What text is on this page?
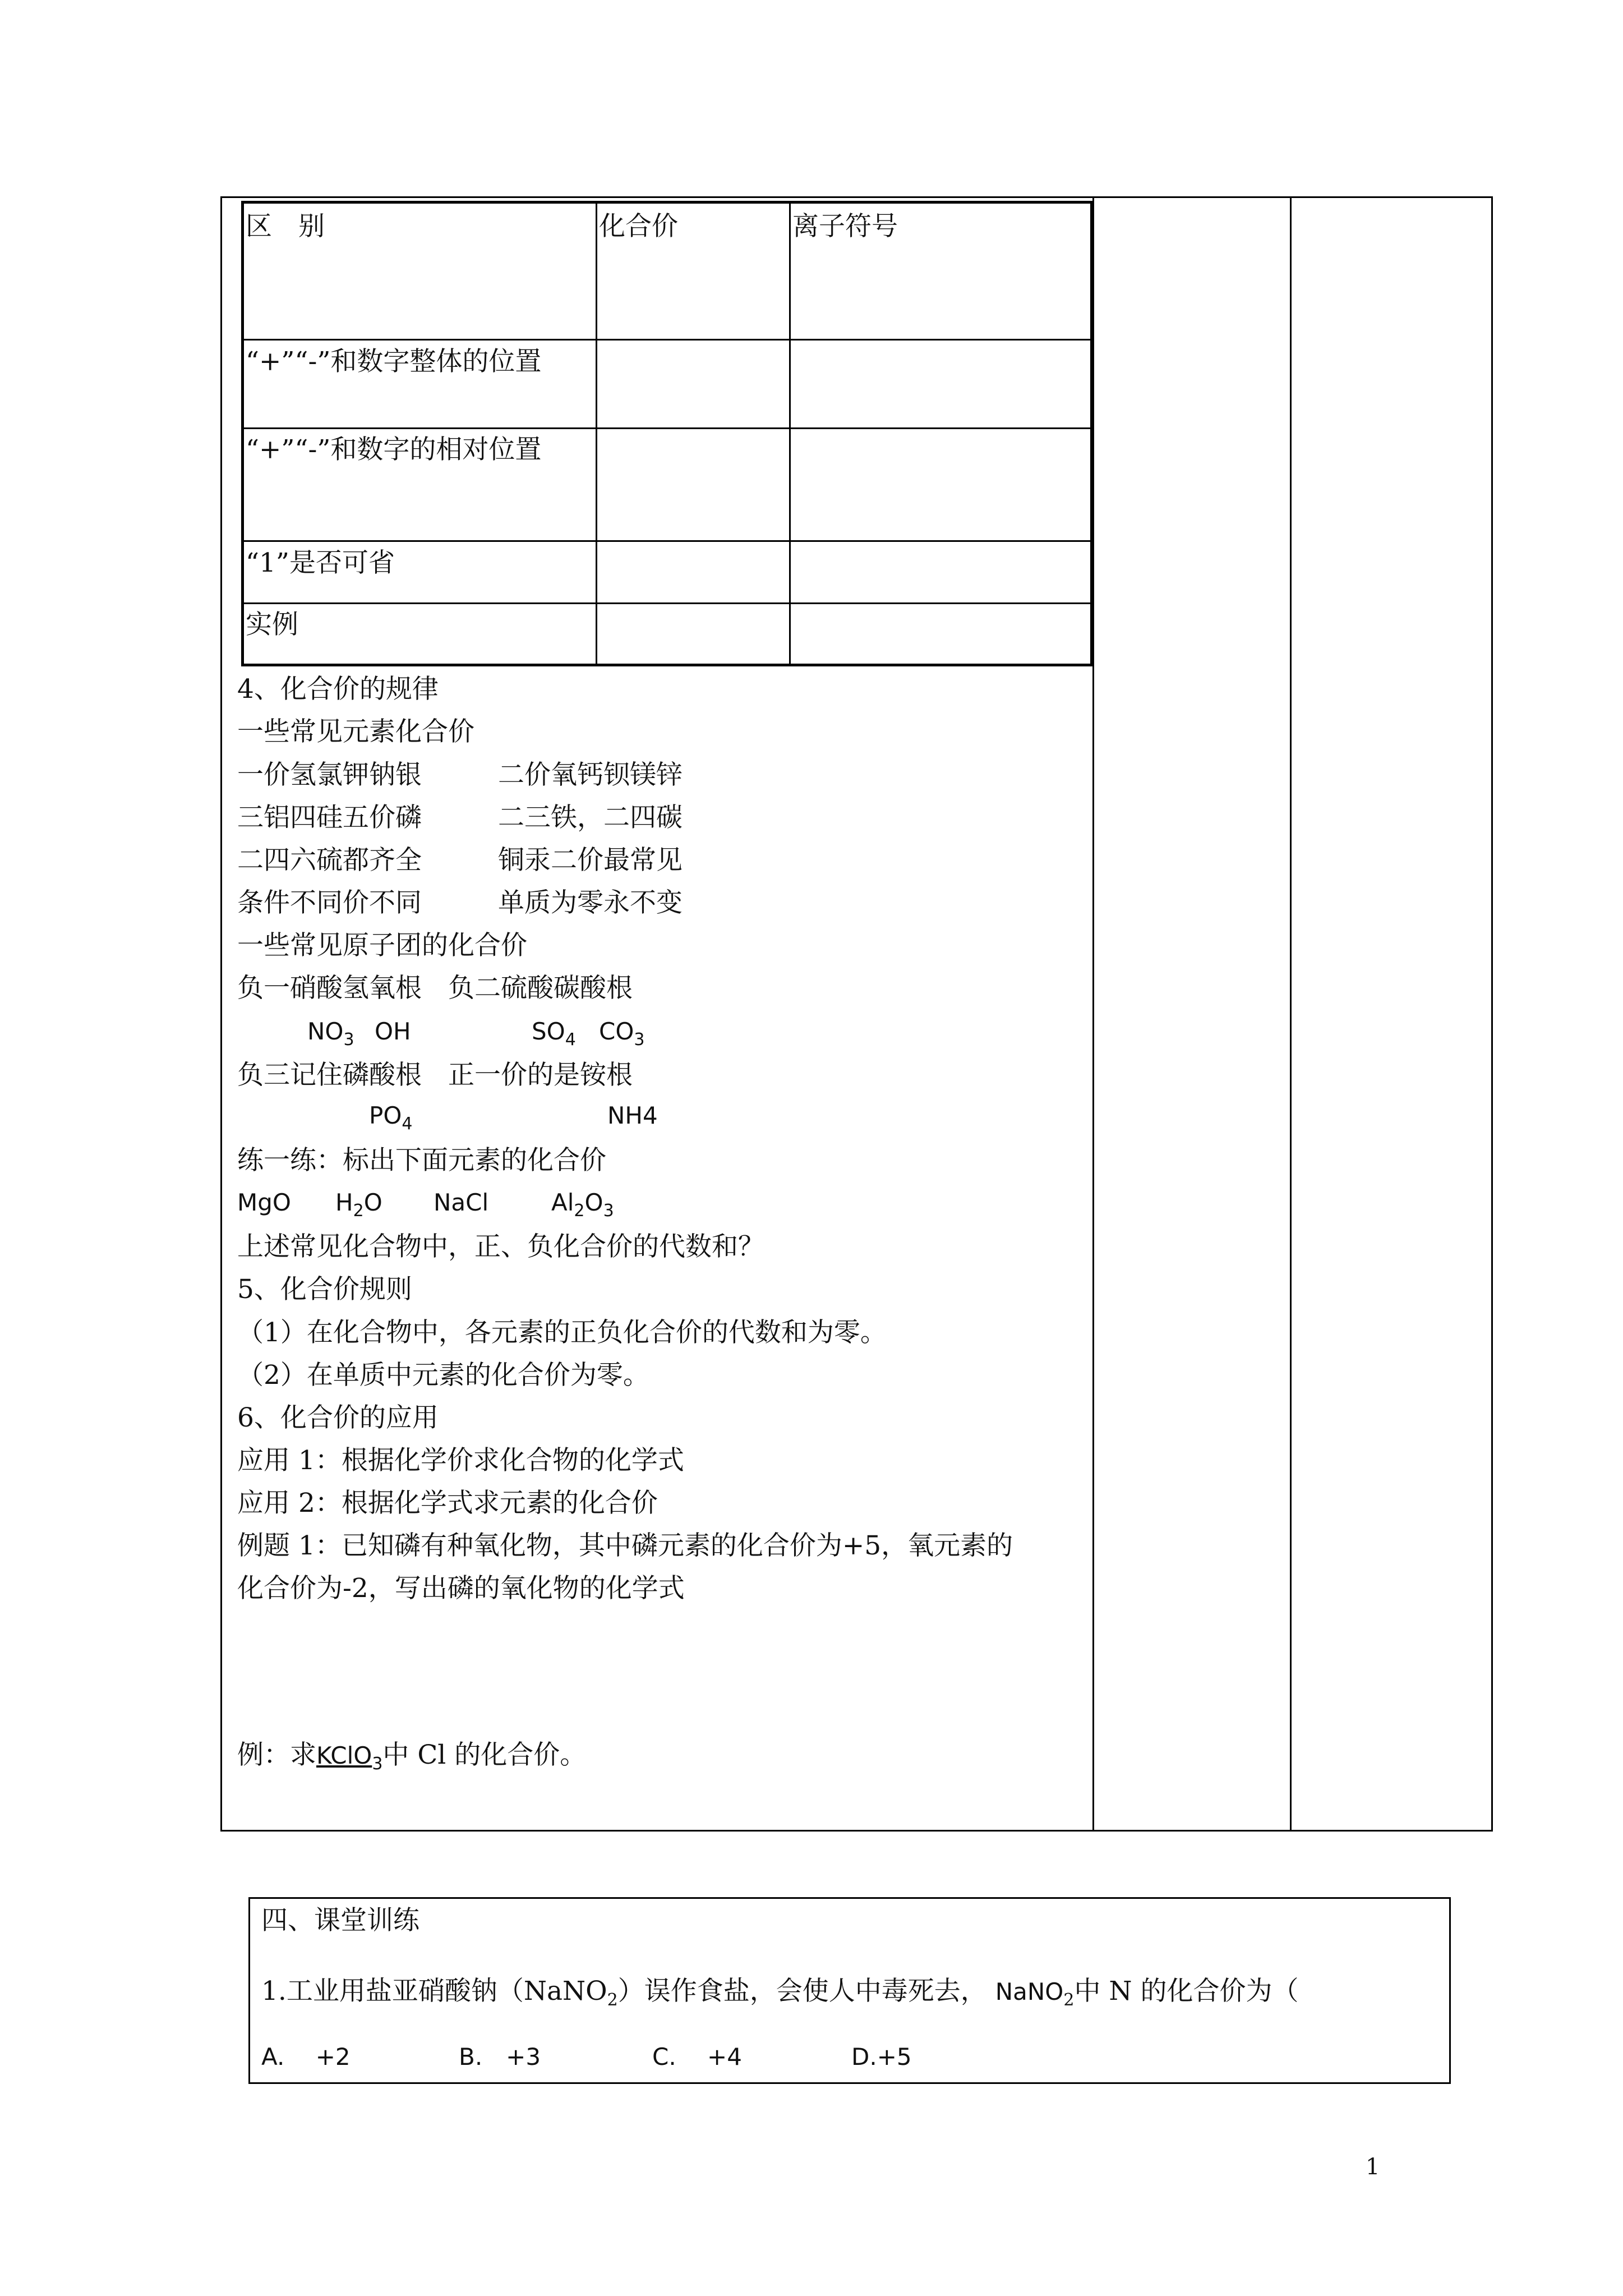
区　别	化合价	离子符号
“+”“-”和数字整体的位置
“+”“-”和数字的相对位置
“1”是否可省
实例
4、化合价的规律
一些常见元素化合价
一价氢氯钾钠银	二价氧钙钡镁锌
三铝四硅五价磷	二三铁，二四碳
二四六硫都齐全	铜汞二价最常见
条件不同价不同	单质为零永不变
一些常见原子团的化合价
负一硝酸氢氧根　负二硫酸碳酸根
$NO_3$ OH	$SO_4$ $CO_3$
负三记住磷酸根　正一价的是铵根
$PO_4$	NH4
练一练：标出下面元素的化合价
MgO $H_2O$ NaCl	$Al_2O_3$
上述常见化合物中，正、负化合价的代数和？
5、化合价规则
（1）在化合物中，各元素的正负化合价的代数和为零。
（2）在单质中元素的化合价为零。
6、化合价的应用
应用 1：根据化学价求化合物的化学式
应用 2：根据化学式求元素的化合价
例题 1：已知磷有种氧化物，其中磷元素的化合价为+5，氧元素的
化合价为-2，写出磷的氧化物的化学式
例：求KClO$_3$中 Cl 的化合价。
四、课堂训练
1.工业用盐亚硝酸钠（NaNO$_2$）误作食盐，会使人中毒死去， NaNO$_2$中 N 的化合价为（
A.　 +2	B.　+3	C.　 +4	D.+5
1
